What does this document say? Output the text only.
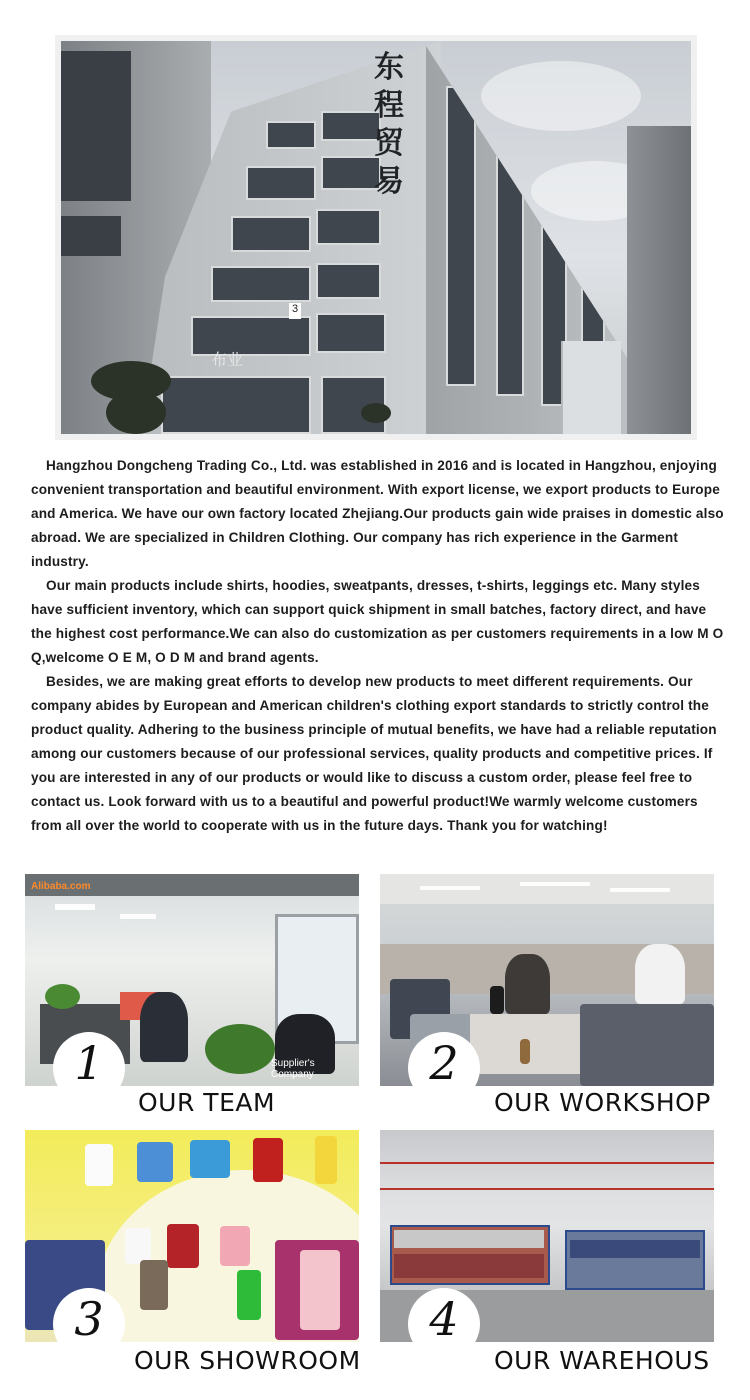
东程贸易
3
布业

Hangzhou Dongcheng Trading Co., Ltd. was established in 2016 and is located in Hangzhou, enjoying convenient transportation and beautiful environment. With export license, we export products to Europe and America. We have our own factory located Zhejiang.Our products gain wide praises in domestic also abroad. We are specialized in Children Clothing. Our company has rich experience in the Garment industry.

Our main products include shirts, hoodies, sweatpants, dresses, t-shirts, leggings etc. Many styles have sufficient inventory, which can support quick shipment in small batches, factory direct, and have the highest cost performance.We can also do customization as per customers requirements in a low M O Q,welcome O E M, O D M and brand agents.

Besides, we are making great efforts to develop new products to meet different requirements. Our company abides by European and American children's clothing export standards to strictly control the product quality. Adhering to the business principle of mutual benefits, we have had a reliable reputation among our customers because of our professional services, quality products and competitive prices. If you are interested in any of our products or would like to discuss a custom order, please feel free to contact us. Look forward with us to a beautiful and powerful product!We warmly welcome customers from all over the world to cooperate with us in the future days. Thank you for watching!

Alibaba.com
Supplier's Company
1
OUR TEAM
2
OUR WORKSHOP
3
OUR SHOWROOM
4
OUR WAREHOUS
